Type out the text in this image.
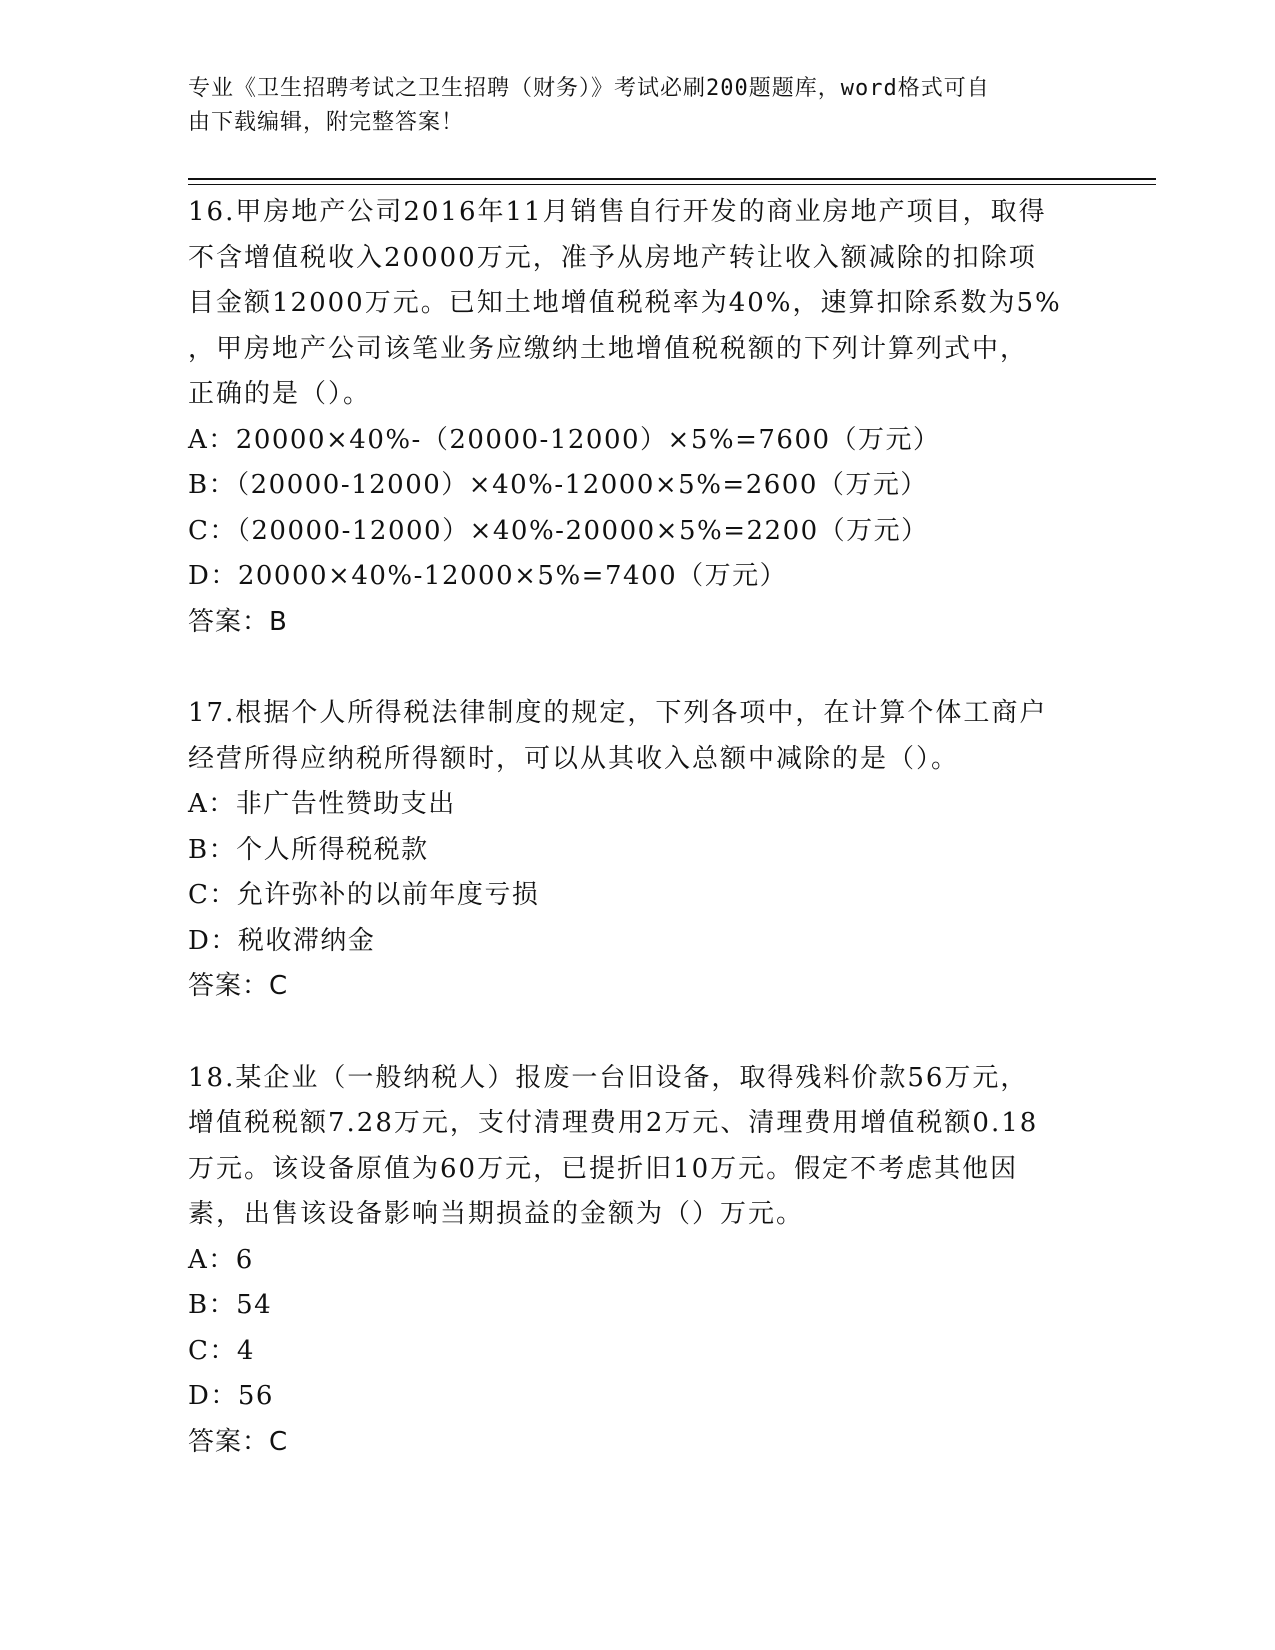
专业《卫生招聘考试之卫生招聘（财务）》考试必刷200题题库，word格式可自
由下载编辑，附完整答案！
16.甲房地产公司2016年11月销售自行开发的商业房地产项目，取得
不含增值税收入20000万元，准予从房地产转让收入额减除的扣除项
目金额12000万元。已知土地增值税税率为40%，速算扣除系数为5%
，甲房地产公司该笔业务应缴纳土地增值税税额的下列计算列式中，
正确的是（）。
A：20000×40%-（20000-12000）×5%=7600（万元）
B：（20000-12000）×40%-12000×5%=2600（万元）
C：（20000-12000）×40%-20000×5%=2200（万元）
D：20000×40%-12000×5%=7400（万元）
答案：B
17.根据个人所得税法律制度的规定，下列各项中，在计算个体工商户
经营所得应纳税所得额时，可以从其收入总额中减除的是（）。
A：非广告性赞助支出
B：个人所得税税款
C：允许弥补的以前年度亏损
D：税收滞纳金
答案：C
18.某企业（一般纳税人）报废一台旧设备，取得残料价款56万元，
增值税税额7.28万元，支付清理费用2万元、清理费用增值税额0.18
万元。该设备原值为60万元，已提折旧10万元。假定不考虑其他因
素，出售该设备影响当期损益的金额为（）万元。
A：6
B：54
C：4
D：56
答案：C
